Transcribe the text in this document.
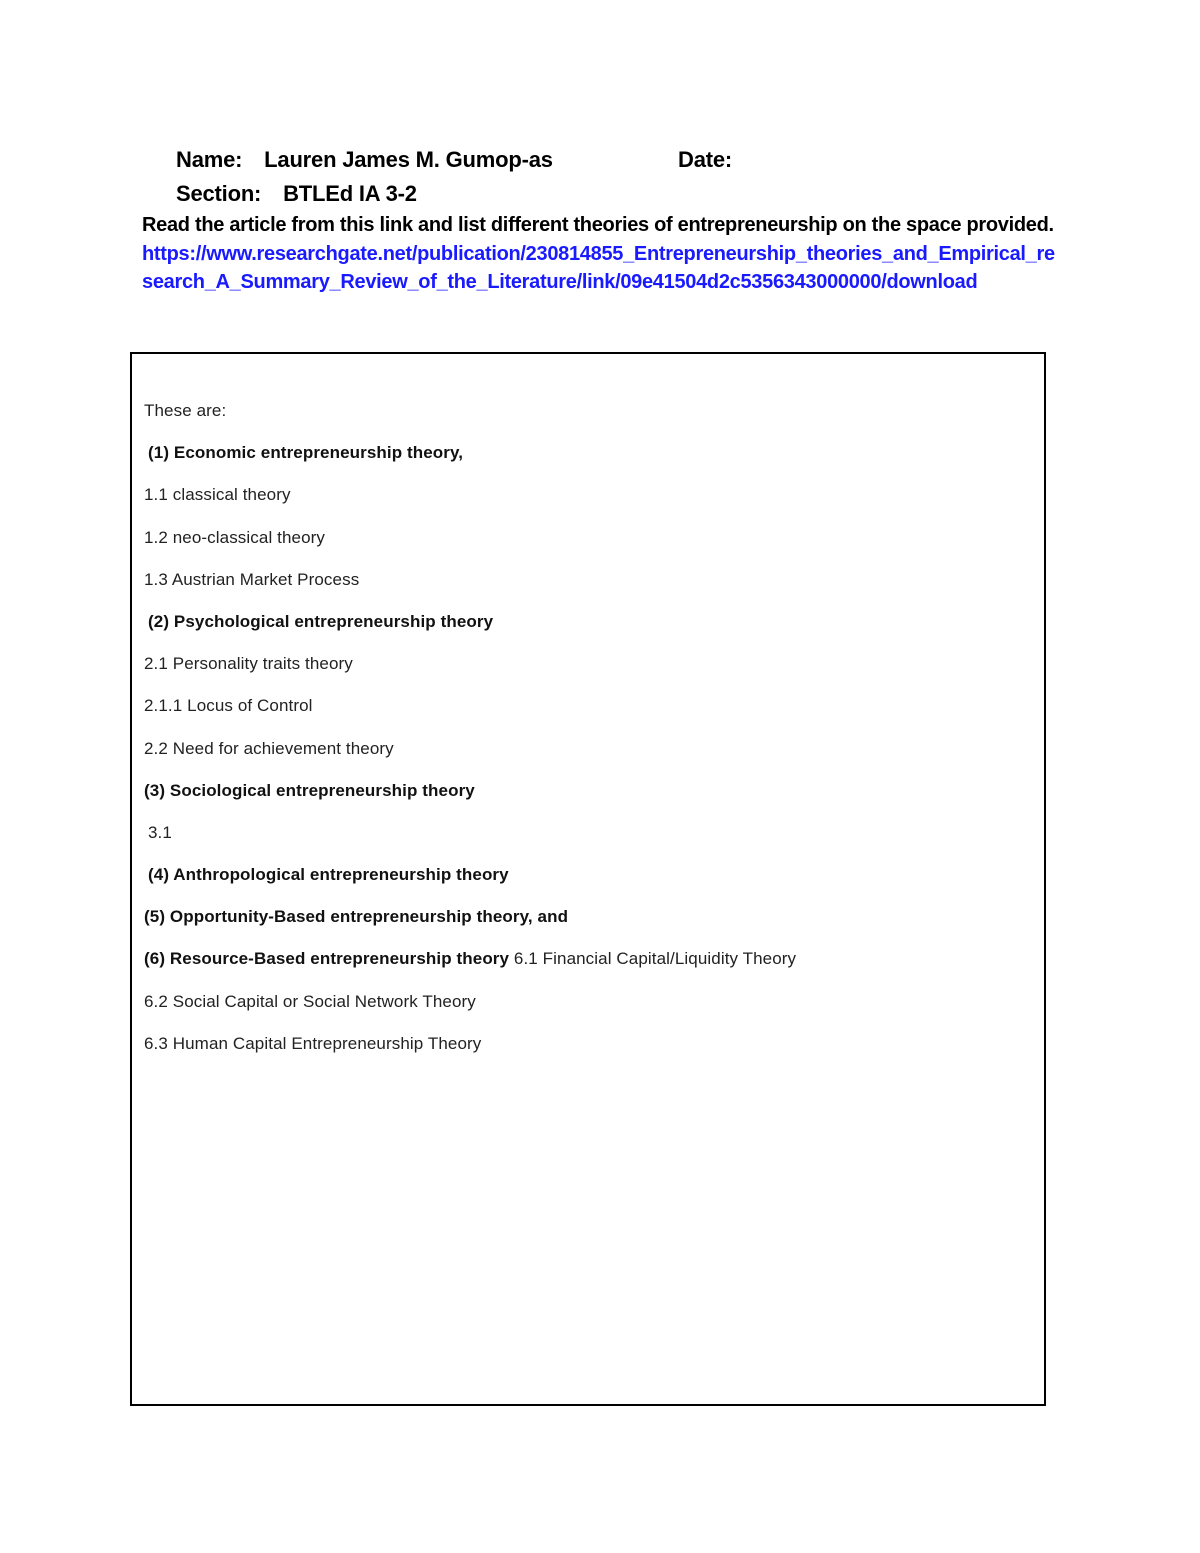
Name: Lauren James M. Gumop-as	Date:
Section: BTLEd IA 3-2
Read the article from this link and list different theories of entrepreneurship on the space provided.
https://www.researchgate.net/publication/230814855_Entrepreneurship_theories_and_Empirical_research_A_Summary_Review_of_the_Literature/link/09e41504d2c5356343000000/download
These are:
(1) Economic entrepreneurship theory,
1.1 classical theory
1.2 neo-classical theory
1.3 Austrian Market Process
(2) Psychological entrepreneurship theory
2.1 Personality traits theory
2.1.1 Locus of Control
2.2 Need for achievement theory
(3) Sociological entrepreneurship theory
3.1
(4) Anthropological entrepreneurship theory
(5) Opportunity-Based entrepreneurship theory, and
(6) Resource-Based entrepreneurship theory 6.1 Financial Capital/Liquidity Theory
6.2 Social Capital or Social Network Theory
6.3 Human Capital Entrepreneurship Theory
